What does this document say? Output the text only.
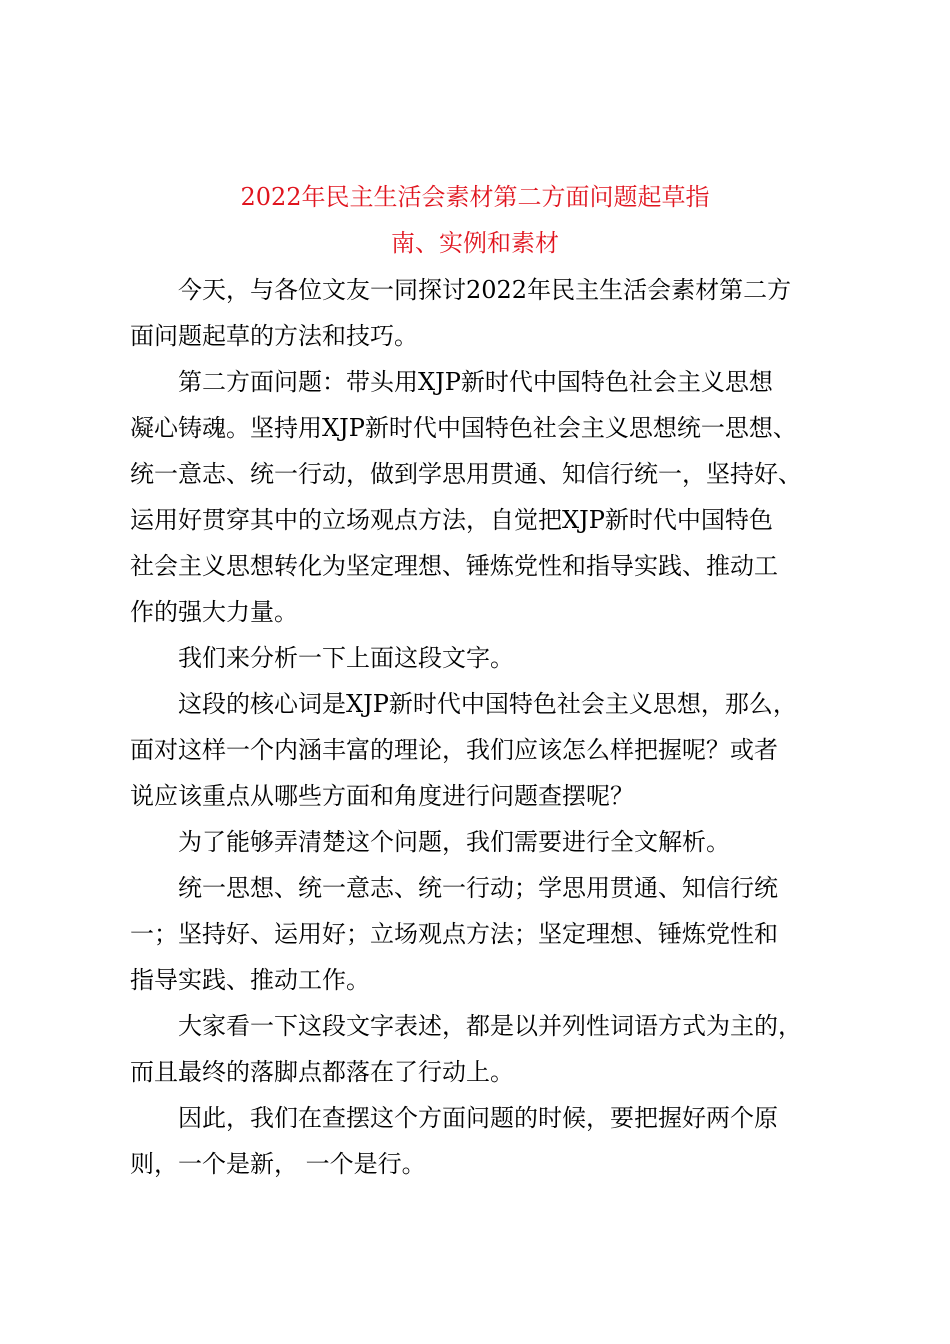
2022年民主生活会素材第二方面问题起草指
南、实例和素材
今天，与各位文友一同探讨2022年民主生活会素材第二方
面问题起草的方法和技巧。
第二方面问题：带头用XJP新时代中国特色社会主义思想
凝心铸魂。坚持用XJP新时代中国特色社会主义思想统一思想、
统一意志、统一行动，做到学思用贯通、知信行统一，坚持好、
运用好贯穿其中的立场观点方法，自觉把XJP新时代中国特色
社会主义思想转化为坚定理想、锤炼党性和指导实践、推动工
作的强大力量。
我们来分析一下上面这段文字。
这段的核心词是XJP新时代中国特色社会主义思想，那么，
面对这样一个内涵丰富的理论，我们应该怎么样把握呢？或者
说应该重点从哪些方面和角度进行问题查摆呢？
为了能够弄清楚这个问题，我们需要进行全文解析。
统一思想、统一意志、统一行动；学思用贯通、知信行统
一；坚持好、运用好；立场观点方法；坚定理想、锤炼党性和
指导实践、推动工作。
大家看一下这段文字表述，都是以并列性词语方式为主的，
而且最终的落脚点都落在了行动上。
因此，我们在查摆这个方面问题的时候，要把握好两个原
则，一个是新， 一个是行。
